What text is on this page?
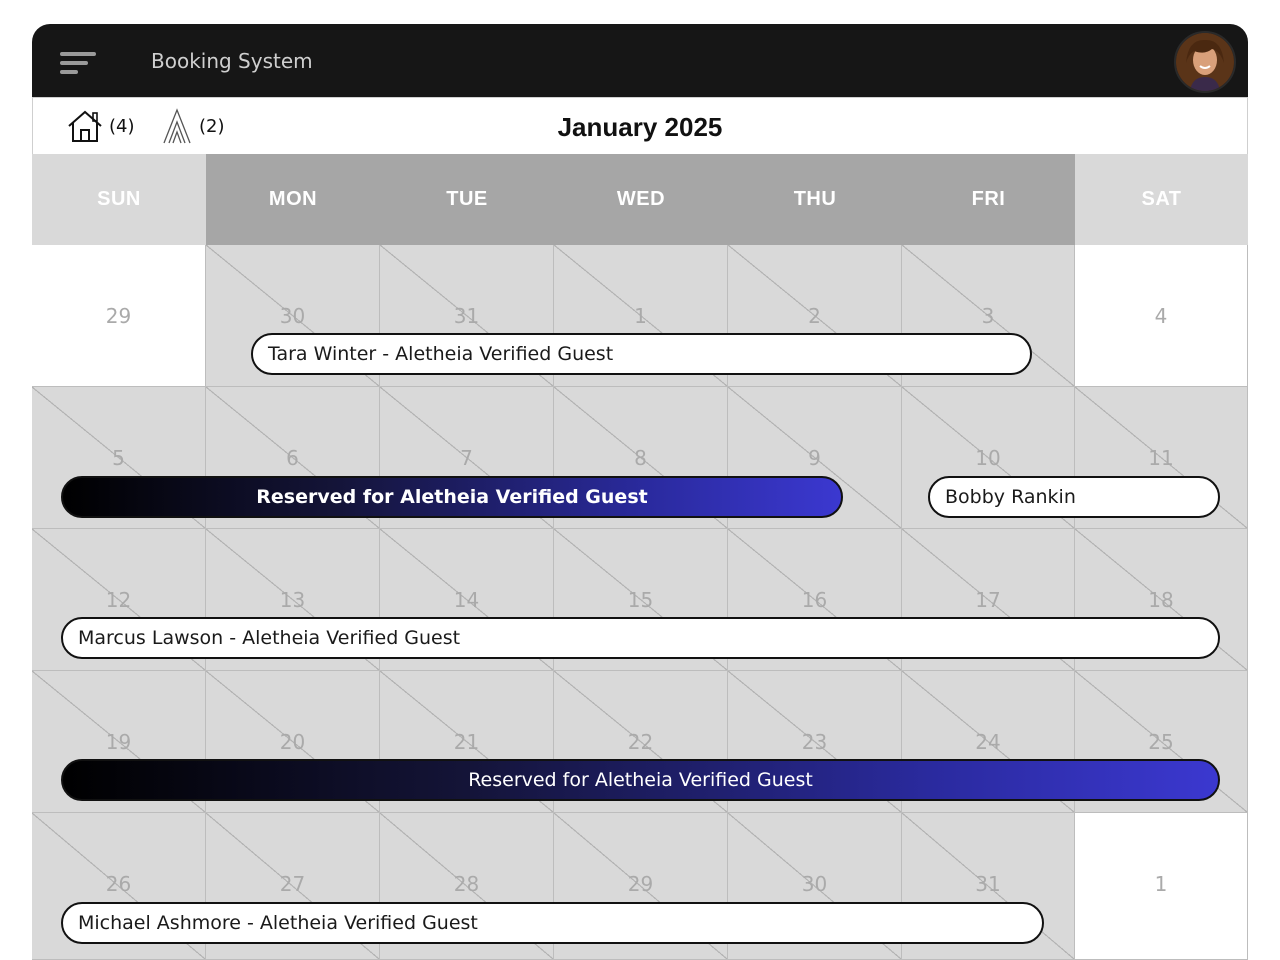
Booking System
(4)	(2)	January 2025
SUN	MON	TUE	WED	THU	FRI	SAT
29	30	31	1	2	3	4
5	6	7	8	9	10	11
12	13	14	15	16	17	18
19	20	21	22	23	24	25
26	27	28	29	30	31	1
Tara Winter - Aletheia Verified Guest
Reserved for Aletheia Verified Guest	Bobby Rankin
Marcus Lawson - Aletheia Verified Guest
Reserved for Aletheia Verified Guest
Michael Ashmore - Aletheia Verified Guest
